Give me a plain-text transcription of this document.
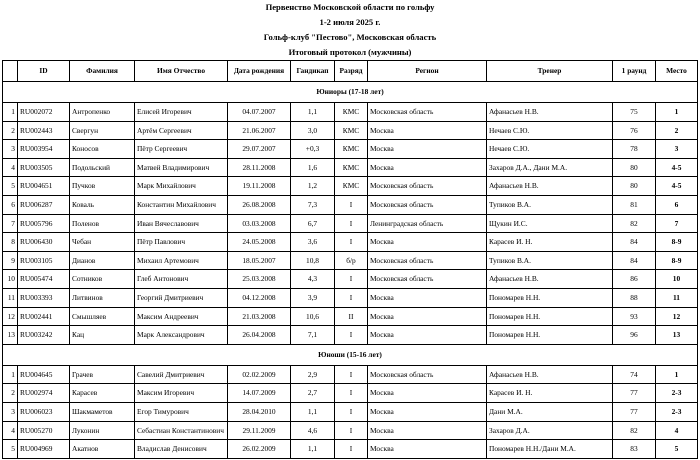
Первенство Московской области по гольфу
1-2 июля 2025 г.
Гольф-клуб "Пестово", Московская область
Итоговый протокол (мужчины)
	ID	Фамилия	Имя Отчество	Дата рождения	Гандикап	Разряд	Регион	Тренер	1 раунд	Место
Юниоры (17-18 лет)										
1	RU002072	Антропенко	Елисей Игоревич	04.07.2007	1,1	КМС	Московская область	Афанасьев Н.В.	75	1
2	RU002443	Свергун	Артём Сергеевич	21.06.2007	3,0	КМС	Москва	Нечаев С.Ю.	76	2
3	RU003954	Коносов	Пётр Сергеевич	29.07.2007	+0,3	КМС	Москва	Нечаев С.Ю.	78	3
4	RU003505	Подольский	Матвей Владимирович	28.11.2008	1,6	КМС	Москва	Захаров Д.А., Дани М.А.	80	4-5
5	RU004651	Пучков	Марк Михайлович	19.11.2008	1,2	КМС	Московская область	Афанасьев Н.В.	80	4-5
6	RU006287	Коваль	Константин Михайлович	26.08.2008	7,3	I	Московская область	Тупиков В.А.	81	6
7	RU005796	Поленов	Иван Вячеславович	03.03.2008	6,7	I	Ленинградская область	Щукин И.С.	82	7
8	RU006430	Чебан	Пётр Павлович	24.05.2008	3,6	I	Москва	Карасев И. Н.	84	8-9
9	RU003105	Дианов	Михаил Артемович	18.05.2007	10,8	б/р	Московская область	Тупиков В.А.	84	8-9
10	RU005474	Сотников	Глеб Антонович	25.03.2008	4,3	I	Московская область	Афанасьев Н.В.	86	10
11	RU003393	Литвинов	Георгий Дмитриевич	04.12.2008	3,9	I	Москва	Пономарев Н.Н.	88	11
12	RU002441	Смышляев	Максим Андреевич	21.03.2008	10,6	II	Москва	Пономарев Н.Н.	93	12
13	RU003242	Кац	Марк Александрович	26.04.2008	7,1	I	Москва	Пономарев Н.Н.	96	13
Юноши (15-16 лет)										
1	RU004645	Грачев	Савелий Дмитриевич	02.02.2009	2,9	I	Московская область	Афанасьев Н.В.	74	1
2	RU002974	Карасев	Максим Игоревич	14.07.2009	2,7	I	Москва	Карасев И. Н.	77	2-3
3	RU006023	Шакмаметов	Егор Тимурович	28.04.2010	1,1	I	Москва	Дани М.А.	77	2-3
4	RU005270	Луконин	Себастиан Константинович	29.11.2009	4,6	I	Москва	Захаров Д.А.	82	4
5	RU004969	Акатнов	Владислав Денисович	26.02.2009	1,1	I	Москва	Пономарев Н.Н./Дани М.А.	83	5
